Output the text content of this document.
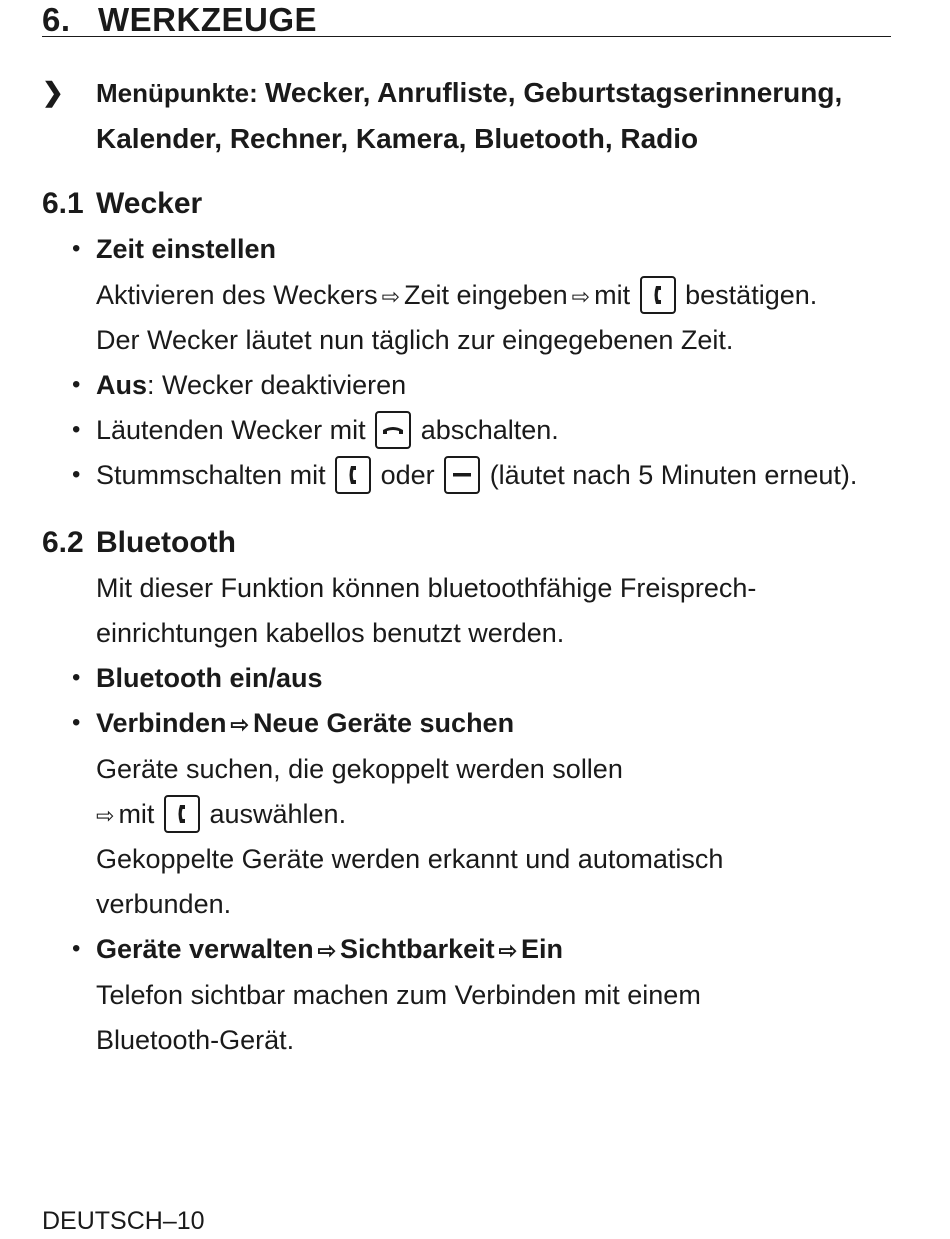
6. WERKZEUGE
❯ Menüpunkte: Wecker, Anrufliste, Geburtstagserinnerung,
Kalender, Rechner, Kamera, Bluetooth, Radio
6.1 Wecker
• Zeit einstellen
Aktivieren des Weckers ⇨ Zeit eingeben ⇨ mit bestätigen.
Der Wecker läutet nun täglich zur eingegebenen Zeit.
• Aus: Wecker deaktivieren
• Läutenden Wecker mit abschalten.
• Stummschalten mit oder (läutet nach 5 Minuten erneut).
6.2 Bluetooth
Mit dieser Funktion können bluetoothfähige Freisprech-
einrichtungen kabellos benutzt werden.
• Bluetooth ein/aus
• Verbinden ⇨ Neue Geräte suchen
Geräte suchen, die gekoppelt werden sollen
⇨ mit auswählen.
Gekoppelte Geräte werden erkannt und automatisch
verbunden.
• Geräte verwalten ⇨ Sichtbarkeit ⇨ Ein
Telefon sichtbar machen zum Verbinden mit einem
Bluetooth-Gerät.
DEUTSCH–10
